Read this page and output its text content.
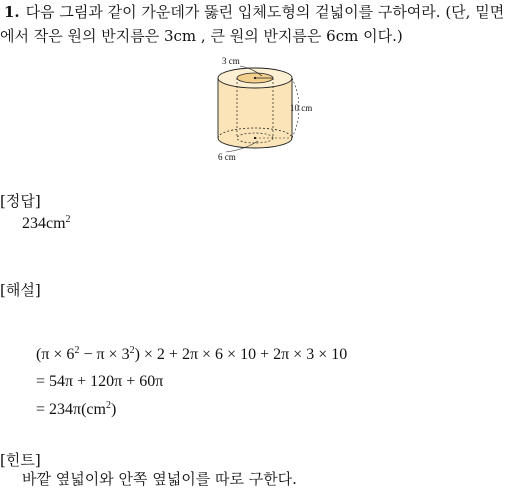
1. 다음 그림과 같이 가운데가 뚫린 입체도형의 겉넓이를 구하여라. (단, 밑면
에서 작은 원의 반지름은 3cm , 큰 원의 반지름은 6cm 이다.)
3 cm
10 cm
6 cm
[정답]
$234cm^2$
[해설]
$(\pi \times 6^2 - \pi \times 3^2) \times 2 + 2\pi \times 6 \times 10 + 2\pi \times 3 \times 10$
= 54π + 120π + 60π
= $234\pi(cm^2)$
[힌트]
바깥 옆넓이와 안쪽 옆넓이를 따로 구한다.
